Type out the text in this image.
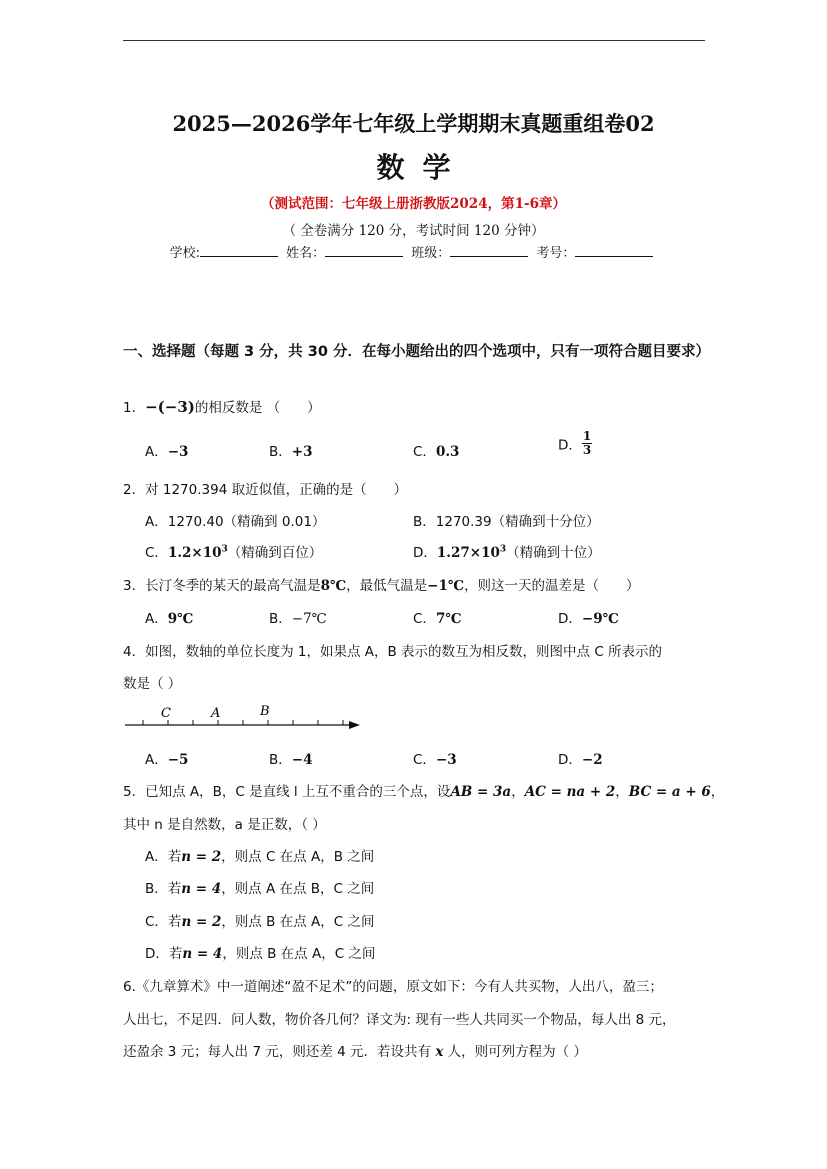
2025—2026学年七年级上学期期末真题重组卷02
数学
（测试范围：七年级上册浙教版2024，第1-6章）
（ 全卷满分 120 分，考试时间 120 分钟）
学校:	姓名：	班级：	考号：
一、选择题（每题 3 分，共 30 分．在每小题给出的四个选项中，只有一项符合题目要求）
1．−(−3)的相反数是 （　　）
A．−3	B．+3	C．0.3	D． $\frac{1}{3}$
2．对 1270.394 取近似值，正确的是（　　）
A．1270.40（精确到 0.01）	B．1270.39（精确到十分位）
C．$1.2\times 10^3$（精确到百位）	D．$1.27\times 10^3$（精确到十位）
3．长汀冬季的某天的最高气温是8℃，最低气温是−1℃，则这一天的温差是（　　）
A．9℃	B．−7℃	C．7℃	D．−9℃
4．如图，数轴的单位长度为 1，如果点 A，B 表示的数互为相反数，则图中点 C 所表示的
数是（ ）
C	A	B
A．−5	B．−4	C．−3	D．−2
5．已知点 A，B，C 是直线 l 上互不重合的三个点，设AB = 3a，AC = na + 2，BC = a + 6，
其中 n 是自然数，a 是正数，（ ）
A．若n = 2，则点 C 在点 A，B 之间
B．若n = 4，则点 A 在点 B，C 之间
C．若n = 2，则点 B 在点 A，C 之间
D．若n = 4，则点 B 在点 A，C 之间
6.《九章算术》中一道阐述“盈不足术”的问题，原文如下：今有人共买物，人出八，盈三；
人出七，不足四．问人数，物价各几何？译文为: 现有一些人共同买一个物品，每人出 8 元，
还盈余 3 元；每人出 7 元，则还差 4 元．若设共有 x 人，则可列方程为（ ）
